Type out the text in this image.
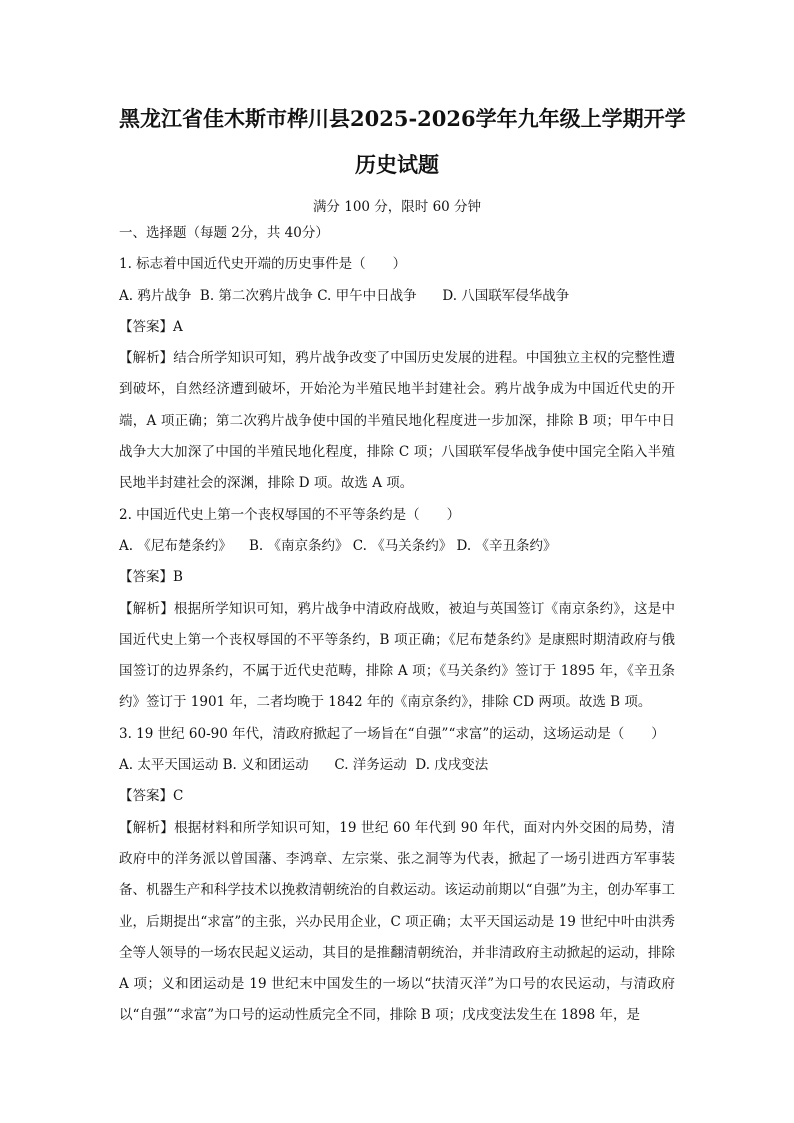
黑龙江省佳木斯市桦川县2025-2026学年九年级上学期开学
历史试题
满分 100 分，限时 60 分钟
一、选择题（每题 2分，共 40分）
1. 标志着中国近代史开端的历史事件是（　　）
A. 鸦片战争  B. 第二次鸦片战争 C. 甲午中日战争      D. 八国联军侵华战争
【答案】A
【解析】结合所学知识可知，鸦片战争改变了中国历史发展的进程。中国独立主权的完整性遭到破坏，自然经济遭到破坏，开始沦为半殖民地半封建社会。鸦片战争成为中国近代史的开端，A 项正确；第二次鸦片战争使中国的半殖民地化程度进一步加深，排除 B 项；甲午中日战争大大加深了中国的半殖民地化程度，排除 C 项；八国联军侵华战争使中国完全陷入半殖民地半封建社会的深渊，排除 D 项。故选 A 项。
2. 中国近代史上第一个丧权辱国的不平等条约是（　　）
A. 《尼布楚条约》    B. 《南京条约》 C. 《马关条约》 D. 《辛丑条约》
【答案】B
【解析】根据所学知识可知，鸦片战争中清政府战败，被迫与英国签订《南京条约》，这是中国近代史上第一个丧权辱国的不平等条约，B 项正确；《尼布楚条约》是康熙时期清政府与俄国签订的边界条约，不属于近代史范畴，排除 A 项；《马关条约》签订于 1895 年，《辛丑条约》签订于 1901 年，二者均晚于 1842 年的《南京条约》，排除 CD 两项。故选 B 项。
3. 19 世纪 60-90 年代，清政府掀起了一场旨在“自强”“求富”的运动，这场运动是（　　）
A. 太平天国运动 B. 义和团运动      C. 洋务运动  D. 戊戌变法
【答案】C
【解析】根据材料和所学知识可知，19 世纪 60 年代到 90 年代，面对内外交困的局势，清政府中的洋务派以曾国藩、李鸿章、左宗棠、张之洞等为代表，掀起了一场引进西方军事装备、机器生产和科学技术以挽救清朝统治的自救运动。该运动前期以“自强”为主，创办军事工业，后期提出“求富”的主张，兴办民用企业，C 项正确；太平天国运动是 19 世纪中叶由洪秀全等人领导的一场农民起义运动，其目的是推翻清朝统治，并非清政府主动掀起的运动，排除 A 项；义和团运动是 19 世纪末中国发生的一场以“扶清灭洋”为口号的农民运动，与清政府以“自强”“求富”为口号的运动性质完全不同，排除 B 项；戊戌变法发生在 1898 年，是
